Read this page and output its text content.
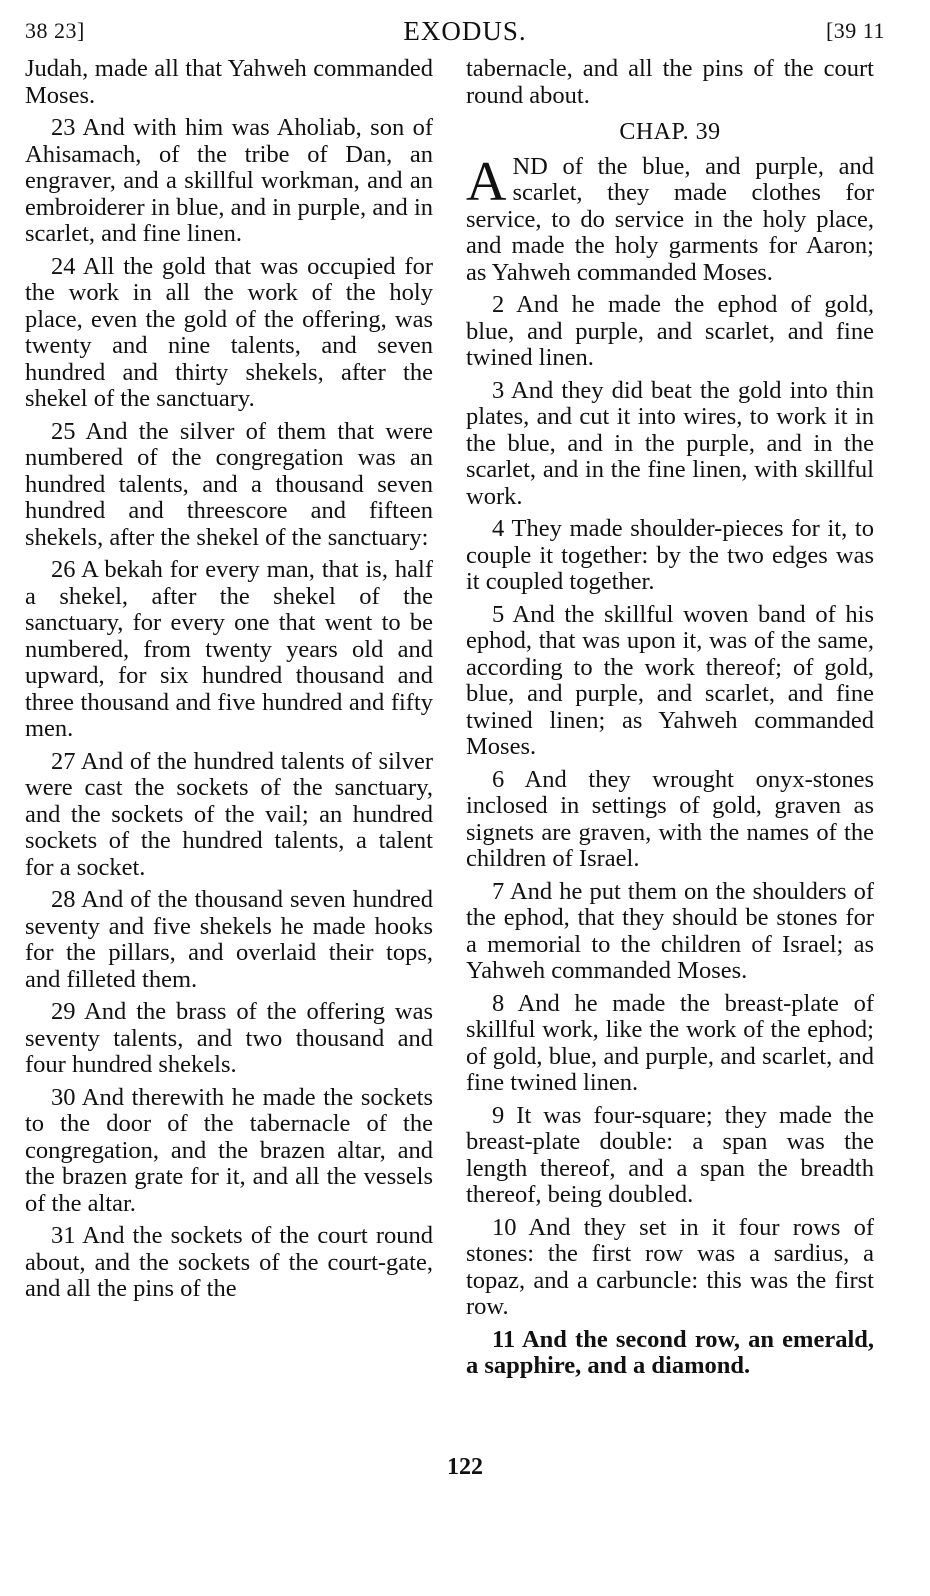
38 23]	EXODUS.	[39 11

Judah, made all that Yahweh commanded Moses.

23 And with him was Aholiab, son of Ahisamach, of the tribe of Dan, an engraver, and a skillful workman, and an embroiderer in blue, and in purple, and in scarlet, and fine linen.

24 All the gold that was occupied for the work in all the work of the holy place, even the gold of the offering, was twenty and nine talents, and seven hundred and thirty shekels, after the shekel of the sanctuary.

25 And the silver of them that were numbered of the congregation was an hundred talents, and a thousand seven hundred and threescore and fifteen shekels, after the shekel of the sanctuary:

26 A bekah for every man, that is, half a shekel, after the shekel of the sanctuary, for every one that went to be numbered, from twenty years old and upward, for six hundred thousand and three thousand and five hundred and fifty men.

27 And of the hundred talents of silver were cast the sockets of the sanctuary, and the sockets of the vail; an hundred sockets of the hundred talents, a talent for a socket.

28 And of the thousand seven hundred seventy and five shekels he made hooks for the pillars, and overlaid their tops, and filleted them.

29 And the brass of the offering was seventy talents, and two thousand and four hundred shekels.

30 And therewith he made the sockets to the door of the tabernacle of the congregation, and the brazen altar, and the brazen grate for it, and all the vessels of the altar.

31 And the sockets of the court round about, and the sockets of the court-gate, and all the pins of the

tabernacle, and all the pins of the court round about.

CHAP. 39

AND of the blue, and purple, and scarlet, they made clothes for service, to do service in the holy place, and made the holy garments for Aaron; as Yahweh commanded Moses.

2 And he made the ephod of gold, blue, and purple, and scarlet, and fine twined linen.

3 And they did beat the gold into thin plates, and cut it into wires, to work it in the blue, and in the purple, and in the scarlet, and in the fine linen, with skillful work.

4 They made shoulder-pieces for it, to couple it together: by the two edges was it coupled together.

5 And the skillful woven band of his ephod, that was upon it, was of the same, according to the work thereof; of gold, blue, and purple, and scarlet, and fine twined linen; as Yahweh commanded Moses.

6 And they wrought onyx-stones inclosed in settings of gold, graven as signets are graven, with the names of the children of Israel.

7 And he put them on the shoulders of the ephod, that they should be stones for a memorial to the children of Israel; as Yahweh commanded Moses.

8 And he made the breast-plate of skillful work, like the work of the ephod; of gold, blue, and purple, and scarlet, and fine twined linen.

9 It was four-square; they made the breast-plate double: a span was the length thereof, and a span the breadth thereof, being doubled.

10 And they set in it four rows of stones: the first row was a sardius, a topaz, and a carbuncle: this was the first row.

11 And the second row, an emerald, a sapphire, and a diamond.

122
